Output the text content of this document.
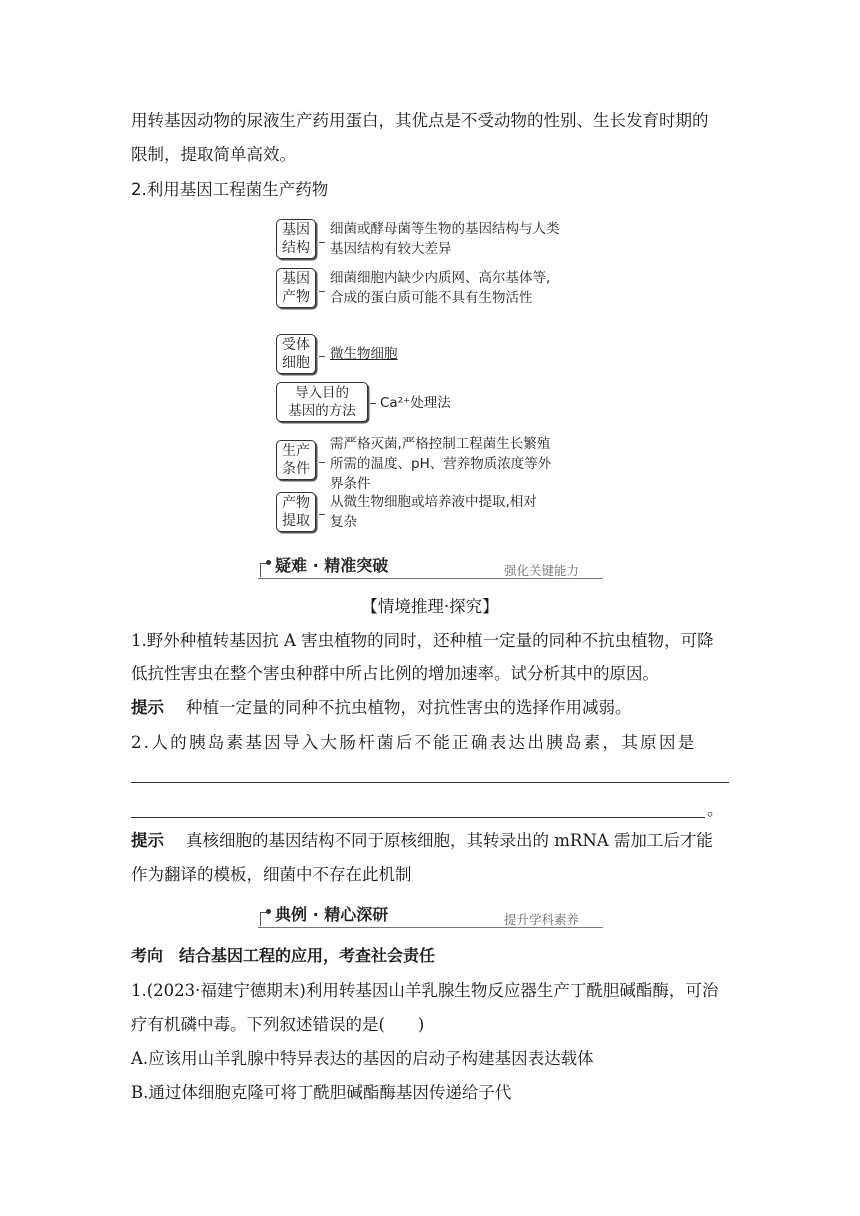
用转基因动物的尿液生产药用蛋白，其优点是不受动物的性别、生长发育时期的
限制，提取简单高效。
2.利用基因工程菌生产药物
基因
结构
细菌或酵母菌等生物的基因结构与人类
基因结构有较大差异
基因
产物
细菌细胞内缺少内质网、高尔基体等,
合成的蛋白质可能不具有生物活性
受体
细胞
微生物细胞
导入目的
基因的方法 Ca²⁺处理法
生产
条件
需严格灭菌,严格控制工程菌生长繁殖
所需的温度、pH、营养物质浓度等外
界条件
产物
提取
从微生物细胞或培养液中提取,相对
复杂
疑难 · 精准突破	强化关键能力
【情境推理·探究】
1.野外种植转基因抗 A 害虫植物的同时，还种植一定量的同种不抗虫植物，可降
低抗性害虫在整个害虫种群中所占比例的增加速率。试分析其中的原因。
提示 种植一定量的同种不抗虫植物，对抗性害虫的选择作用减弱。
2.人的胰岛素基因导入大肠杆菌后不能正确表达出胰岛素，其原因是
。
提示 真核细胞的基因结构不同于原核细胞，其转录出的 mRNA 需加工后才能
作为翻译的模板，细菌中不存在此机制
典例 · 精心深研	提升学科素养
考向　结合基因工程的应用，考查社会责任
1.(2023·福建宁德期末)利用转基因山羊乳腺生物反应器生产丁酰胆碱酯酶，可治
疗有机磷中毒。下列叙述错误的是(　　)
A.应该用山羊乳腺中特异表达的基因的启动子构建基因表达载体
B.通过体细胞克隆可将丁酰胆碱酯酶基因传递给子代
